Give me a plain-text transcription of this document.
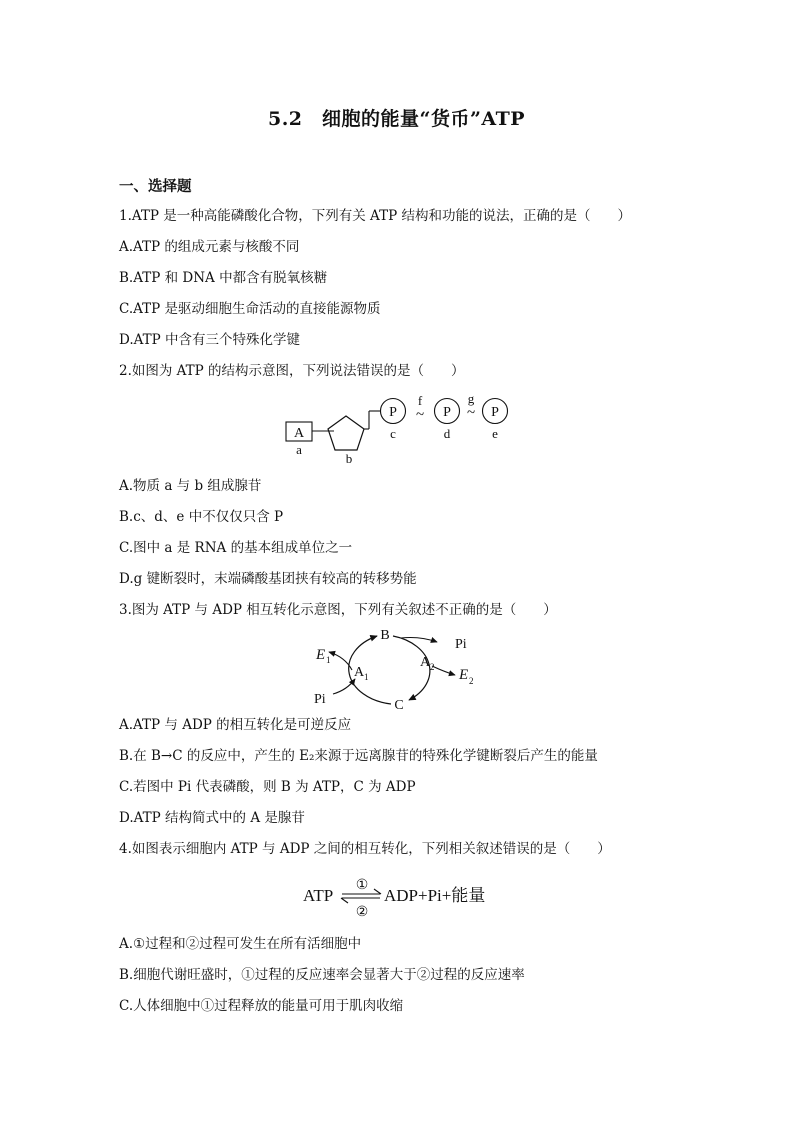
5.2　细胞的能量“货币”ATP
一、选择题
1.ATP 是一种高能磷酸化合物，下列有关 ATP 结构和功能的说法，正确的是（　　）
A.ATP 的组成元素与核酸不同
B.ATP 和 DNA 中都含有脱氧核糖
C.ATP 是驱动细胞生命活动的直接能源物质
D.ATP 中含有三个特殊化学键
2.如图为 ATP 的结构示意图，下列说法错误的是（　　）
A
P	P	P
f
~
g
~
a
b
c	d	e
A.物质 a 与 b 组成腺苷
B.c、d、e 中不仅仅只含 P
C.图中 a 是 RNA 的基本组成单位之一
D.g 键断裂时，末端磷酸基团挟有较高的转移势能
3.图为 ATP 与 ADP 相互转化示意图，下列有关叙述不正确的是（　　）
B
C
Pi
Pi
E 1
E 2
A 1
A 2
A.ATP 与 ADP 的相互转化是可逆反应
B.在 B→C 的反应中，产生的 E₂来源于远离腺苷的特殊化学键断裂后产生的能量
C.若图中 Pi 代表磷酸，则 B 为 ATP，C 为 ADP
D.ATP 结构简式中的 A 是腺苷
4.如图表示细胞内 ATP 与 ADP 之间的相互转化，下列相关叙述错误的是（　　）
ATP
①
②
ADP+Pi+能量
A.①过程和②过程可发生在所有活细胞中
B.细胞代谢旺盛时，①过程的反应速率会显著大于②过程的反应速率
C.人体细胞中①过程释放的能量可用于肌肉收缩
